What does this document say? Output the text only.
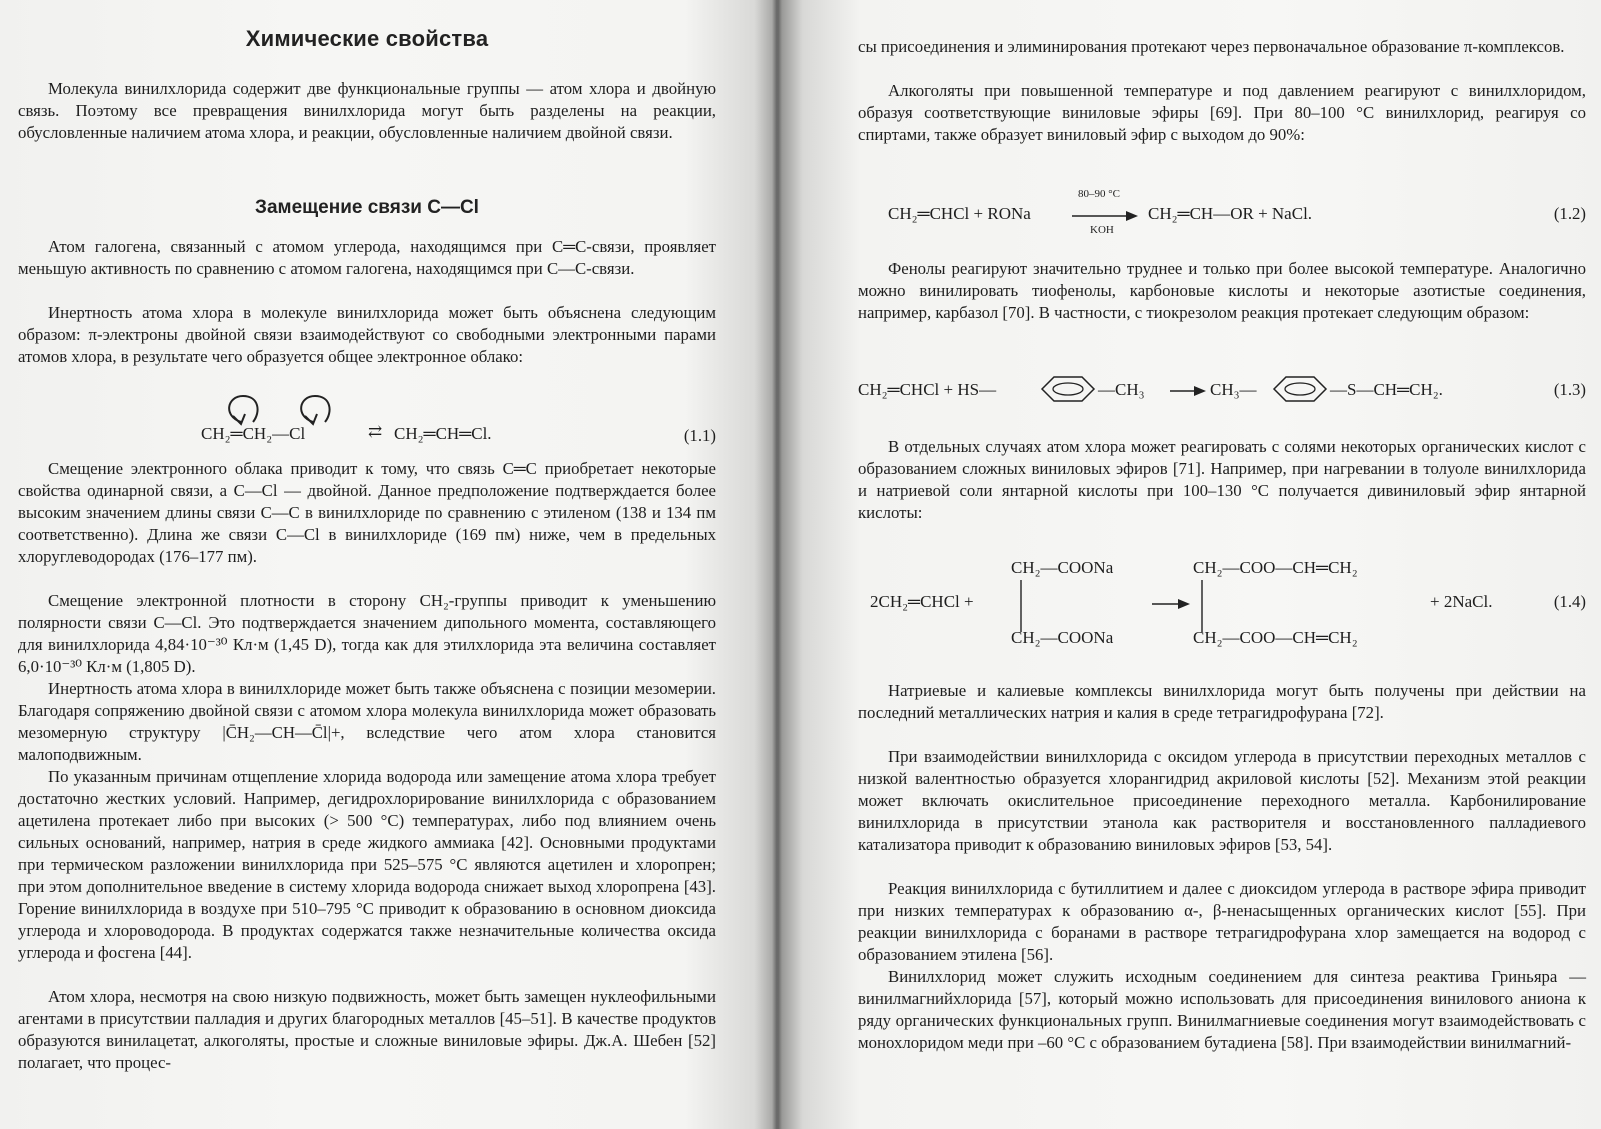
Химические свойства

Молекула винилхлорида содержит две функциональные группы — атом хлора и двойную связь. Поэтому все превращения винилхлорида могут быть разделены на реакции, обусловленные наличием атома хлора, и реакции, обусловленные наличием двойной связи.

Замещение связи C—Cl

Атом галогена, связанный с атомом углерода, находящимся при C═C-связи, проявляет меньшую активность по сравнению с атомом галогена, находящимся при C—C-связи.

Инертность атома хлора в молекуле винилхлорида может быть объяснена следующим образом: π-электроны двойной связи взаимодействуют со свободными электронными парами атомов хлора, в результате чего образуется общее электронное облако:

CH₂═CH₂—Cl	⇄ CH₂═CH═Cl.	(1.1)

Смещение электронного облака приводит к тому, что связь C═C приобретает некоторые свойства одинарной связи, а C—Cl — двойной. Данное предположение подтверждается более высоким значением длины связи C—C в винилхлориде по сравнению с этиленом (138 и 134 пм соответственно). Длина же связи C—Cl в винилхлориде (169 пм) ниже, чем в предельных хлоруглеводородах (176–177 пм).

Смещение электронной плотности в сторону CH₂-группы приводит к уменьшению полярности связи C—Cl. Это подтверждается значением дипольного момента, составляющего для винилхлорида 4,84·10⁻³⁰ Кл·м (1,45 D), тогда как для этилхлорида эта величина составляет 6,0·10⁻³⁰ Кл·м (1,805 D).

Инертность атома хлора в винилхлориде может быть также объяснена с позиции мезомерии. Благодаря сопряжению двойной связи с атомом хлора молекула винилхлорида может образовать мезомерную структуру |C̄H₂—CH—C̄l|+, вследствие чего атом хлора становится малоподвижным.

По указанным причинам отщепление хлорида водорода или замещение атома хлора требует достаточно жестких условий. Например, дегидрохлорирование винилхлорида с образованием ацетилена протекает либо при высоких (> 500 °C) температурах, либо под влиянием очень сильных оснований, например, натрия в среде жидкого аммиака [42]. Основными продуктами при термическом разложении винилхлорида при 525–575 °C являются ацетилен и хлоропрен; при этом дополнительное введение в систему хлорида водорода снижает выход хлоропрена [43]. Горение винилхлорида в воздухе при 510–795 °C приводит к образованию в основном диоксида углерода и хлороводорода. В продуктах содержатся также незначительные количества оксида углерода и фосгена [44].

Атом хлора, несмотря на свою низкую подвижность, может быть замещен нуклеофильными агентами в присутствии палладия и других благородных металлов [45–51]. В качестве продуктов образуются винилацетат, алкоголяты, простые и сложные виниловые эфиры. Дж.А. Шебен [52] полагает, что процес-

сы присоединения и элиминирования протекают через первоначальное образование π-комплексов.

Алкоголяты при повышенной температуре и под давлением реагируют с винилхлоридом, образуя соответствующие виниловые эфиры [69]. При 80–100 °C винилхлорид, реагируя со спиртами, также образует виниловый эфир с выходом до 90%:

CH₂═CHCl + RONa
80–90 °C
KOH
CH₂═CH—OR + NaCl.	(1.2)

Фенолы реагируют значительно труднее и только при более высокой температуре. Аналогично можно винилировать тиофенолы, карбоновые кислоты и некоторые азотистые соединения, например, карбазол [70]. В частности, с тиокрезолом реакция протекает следующим образом:

CH₂═CHCl + HS—	—CH₃ → CH₃—	—S—CH═CH₂.	(1.3)

В отдельных случаях атом хлора может реагировать с солями некоторых органических кислот с образованием сложных виниловых эфиров [71]. Например, при нагревании в толуоле винилхлорида и натриевой соли янтарной кислоты при 100–130 °C получается дивиниловый эфир янтарной кислоты:

2CH₂═CHCl +
CH₂—COONa
CH₂—COONa
CH₂—COO—CH═CH₂
CH₂—COO—CH═CH₂
+ 2NaCl.	(1.4)

Натриевые и калиевые комплексы винилхлорида могут быть получены при действии на последний металлических натрия и калия в среде тетрагидрофурана [72].

При взаимодействии винилхлорида с оксидом углерода в присутствии переходных металлов с низкой валентностью образуется хлорангидрид акриловой кислоты [52]. Механизм этой реакции может включать окислительное присоединение переходного металла. Карбонилирование винилхлорида в присутствии этанола как растворителя и восстановленного палладиевого катализатора приводит к образованию виниловых эфиров [53, 54].

Реакция винилхлорида с бутиллитием и далее с диоксидом углерода в растворе эфира приводит при низких температурах к образованию α-, β-ненасыщенных органических кислот [55]. При реакции винилхлорида с боранами в растворе тетрагидрофурана хлор замещается на водород с образованием этилена [56].

Винилхлорид может служить исходным соединением для синтеза реактива Гриньяра — винилмагнийхлорида [57], который можно использовать для присоединения винилового аниона к ряду органических функциональных групп. Винилмагниевые соединения могут взаимодействовать с монохлоридом меди при –60 °C с образованием бутадиена [58]. При взаимодействии винилмагний-
